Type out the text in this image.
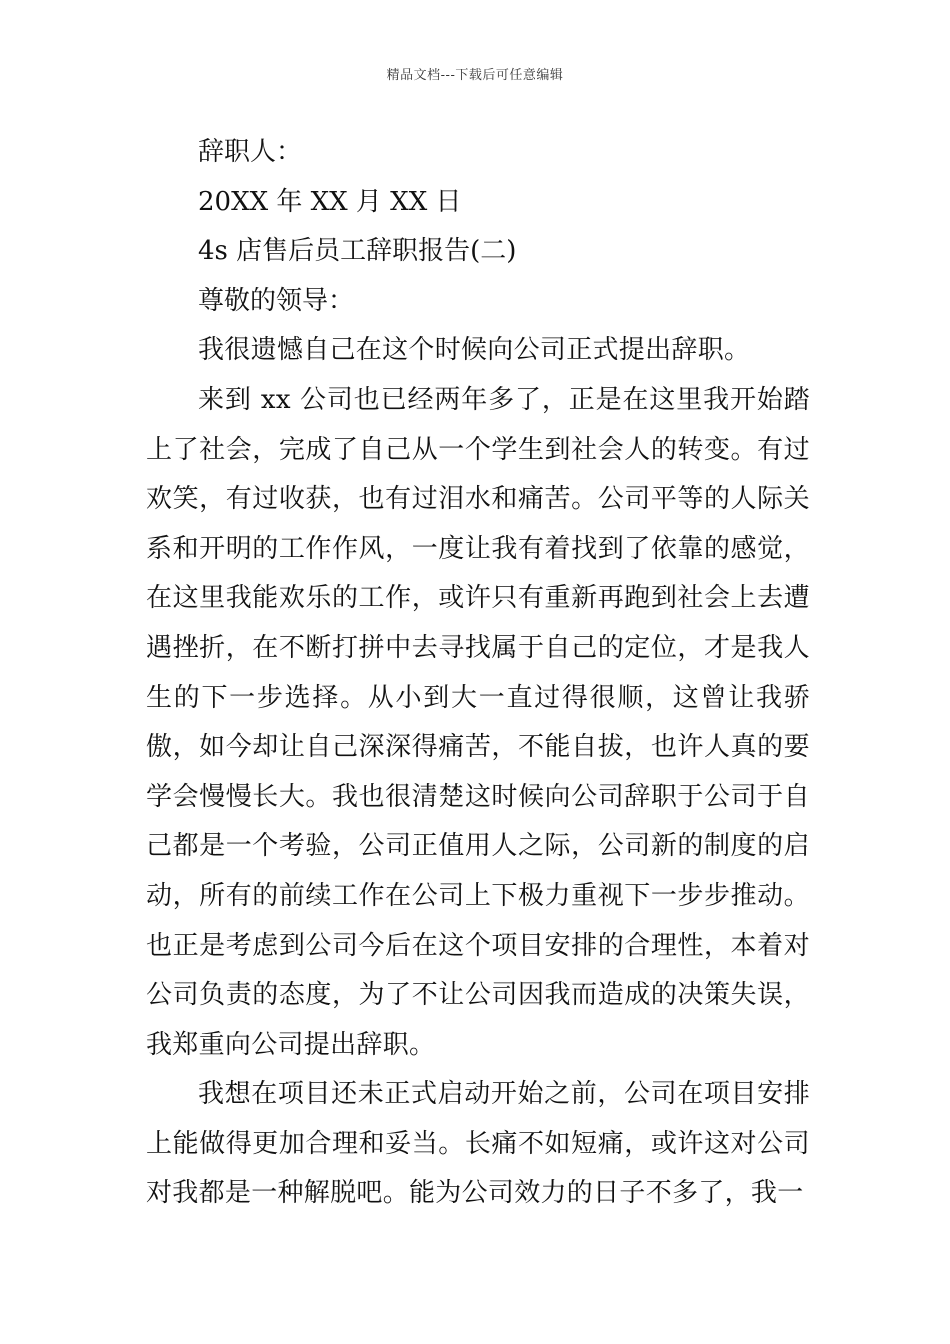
精品文档---下载后可任意编辑
辞职人：
20XX 年 XX 月 XX 日
4s 店售后员工辞职报告(二)
尊敬的领导：
我很遗憾自己在这个时候向公司正式提出辞职。
来到 xx 公司也已经两年多了，正是在这里我开始踏上了社会，完成了自己从一个学生到社会人的转变。有过欢笑，有过收获，也有过泪水和痛苦。公司平等的人际关系和开明的工作作风，一度让我有着找到了依靠的感觉，在这里我能欢乐的工作，或许只有重新再跑到社会上去遭遇挫折，在不断打拼中去寻找属于自己的定位，才是我人生的下一步选择。从小到大一直过得很顺，这曾让我骄傲，如今却让自己深深得痛苦，不能自拔，也许人真的要学会慢慢长大。我也很清楚这时候向公司辞职于公司于自己都是一个考验，公司正值用人之际，公司新的制度的启动，所有的前续工作在公司上下极力重视下一步步推动。也正是考虑到公司今后在这个项目安排的合理性，本着对公司负责的态度，为了不让公司因我而造成的决策失误，我郑重向公司提出辞职。
我想在项目还未正式启动开始之前，公司在项目安排上能做得更加合理和妥当。长痛不如短痛，或许这对公司对我都是一种解脱吧。能为公司效力的日子不多了，我一
